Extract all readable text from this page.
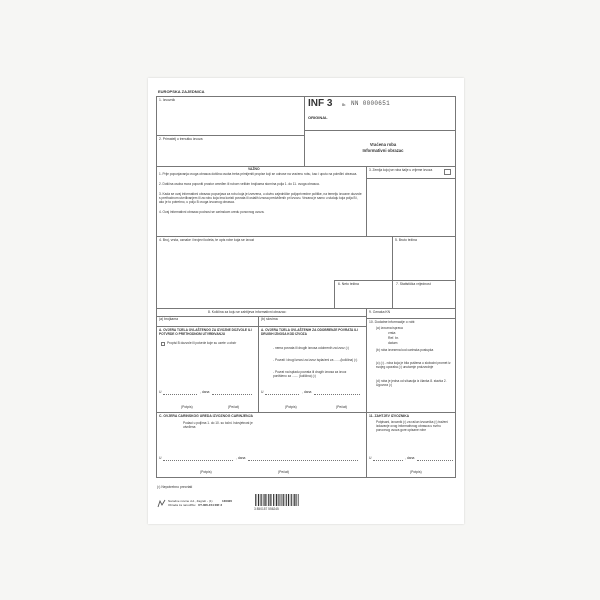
EUROPSKA ZAJEDNICA
1. Izvoznik	INF 3	Br. NN 0000651
ORIGINAL
2. Primatelj u trenutku izvoza
Vraćena roba
Informativni obrazac
VAŽNO
1. Prije popunjavanja ovoga obrasca dotična osoba treba primijeniti propise koji se odnose na vraćenu robu, kao i uputu na poleđini obrasca.
2. Dotična osoba mora popuniti prostor omeđen ili ruborn velikim brojkama stornina polja 1. do 11. ovoga obrasca.
3. Kada se ovaj informativni obrazac popunjava za robu koja je izvezena, u okviru zajedničke poljoprivredne politike, na temelju izvozne dozvole s prethodnom utvrđivanjem ili za robu koja ima koristi povrata ili ostalih iznosa predviđenih pri izvozu. Vezana je samo u slučaju koja polja B i, ako je to potrebno, u polju B ovoga izvoznog obrasca.
4. Ovaj informativni obrazac podnosi se carinskom uredu ponovnog uvoza.
3. Zemlja kojoj se roba šalje u vrijeme izvoza
4. Broj, vrsta, oznake i brojevi koleta, te opis robe koja se izvozi	5. Bruto težina
6. Neto težina	7. Statistička vrijednost
8. Količina za koju se zahtijeva informativni obrazac:
(a) brojkama	(b) slovima
9. Oznaka KN
A. OVJERA TIJELA OVLAŠTENOG ZA IZVOZNE DOZVOLE ILI POTVRDE O PRETHODNOM UTVRĐIVANJU
Propisi B dozvole ili potvrde koje su uzete u obzir
U	, dana
(Potpis)	(Pečat)
A. OVJERA TIJELA OVLAŠTENIH ZA ODOBRENJE POVRATA ILI DRUGIH IZNOSA KOD IZVOZA
- nema povrata ili drugih iznosa odobrenih za izvoz (¹)
- Povrati i drugi iznosi za izvoz isplaćeni za .......(količina) (¹)
- Povrat na ispladu povrata ili drugih iznosa za izvoz poništeno za ....... (količina) (¹)
U	, dana
(Potpis)	(Pečat)
10. Dodatne informacije o robi:
(a) izvozna isprava
vrsta
Ref. br.
datum
(b) roba izvezena kod carinska postupka
(c) (¹) - roba koja je bila puštena u slobodni promet iz svojeg uporaba (¹) unutarnje proizvodnje
(d) roba je jedna od situacija iz članka 8. stavka 2. Ugovora (¹)
C. OVJERA CARINSKOG UREDA IZVOZNOG CARINJENJA
Podaci u poljima 1. do 10. su točni. Istovjetnost je utvrđena
U	, dana
(Potpis)	(Pečat)
11. ZAHTJEV IZVOZNIKA
Potpisani, izvoznik (¹) za račun izvoznika (¹) traženi izdavanje ovog informativnog obrasca u svrhu ponovnog uvoza gore opisane robe
U	, dana
(Potpis)
(¹) Nepotrebno precrtati
Narodne novine d.d., Zagreb - (1)	130320
Obrada za narudžbu: UT-306-154 INF 3
3 850157 556245
